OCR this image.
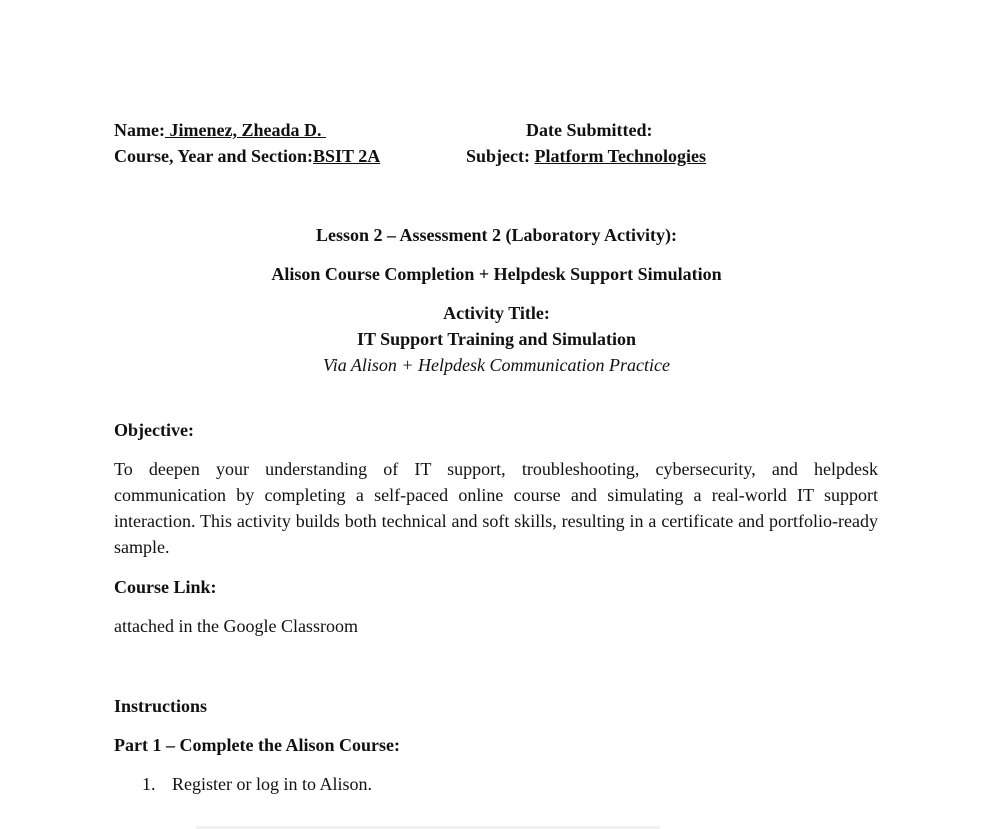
Name: Jimenez, Zheada D.	Date Submitted:
Course, Year and Section:BSIT 2A	Subject: Platform Technologies
Lesson 2 – Assessment 2 (Laboratory Activity):
Alison Course Completion + Helpdesk Support Simulation
Activity Title:
IT Support Training and Simulation
Via Alison + Helpdesk Communication Practice
Objective:
To deepen your understanding of IT support, troubleshooting, cybersecurity, and helpdesk communication by completing a self-paced online course and simulating a real-world IT support interaction. This activity builds both technical and soft skills, resulting in a certificate and portfolio-ready sample.
Course Link:
attached in the Google Classroom
Instructions
Part 1 – Complete the Alison Course:
1. Register or log in to Alison.
